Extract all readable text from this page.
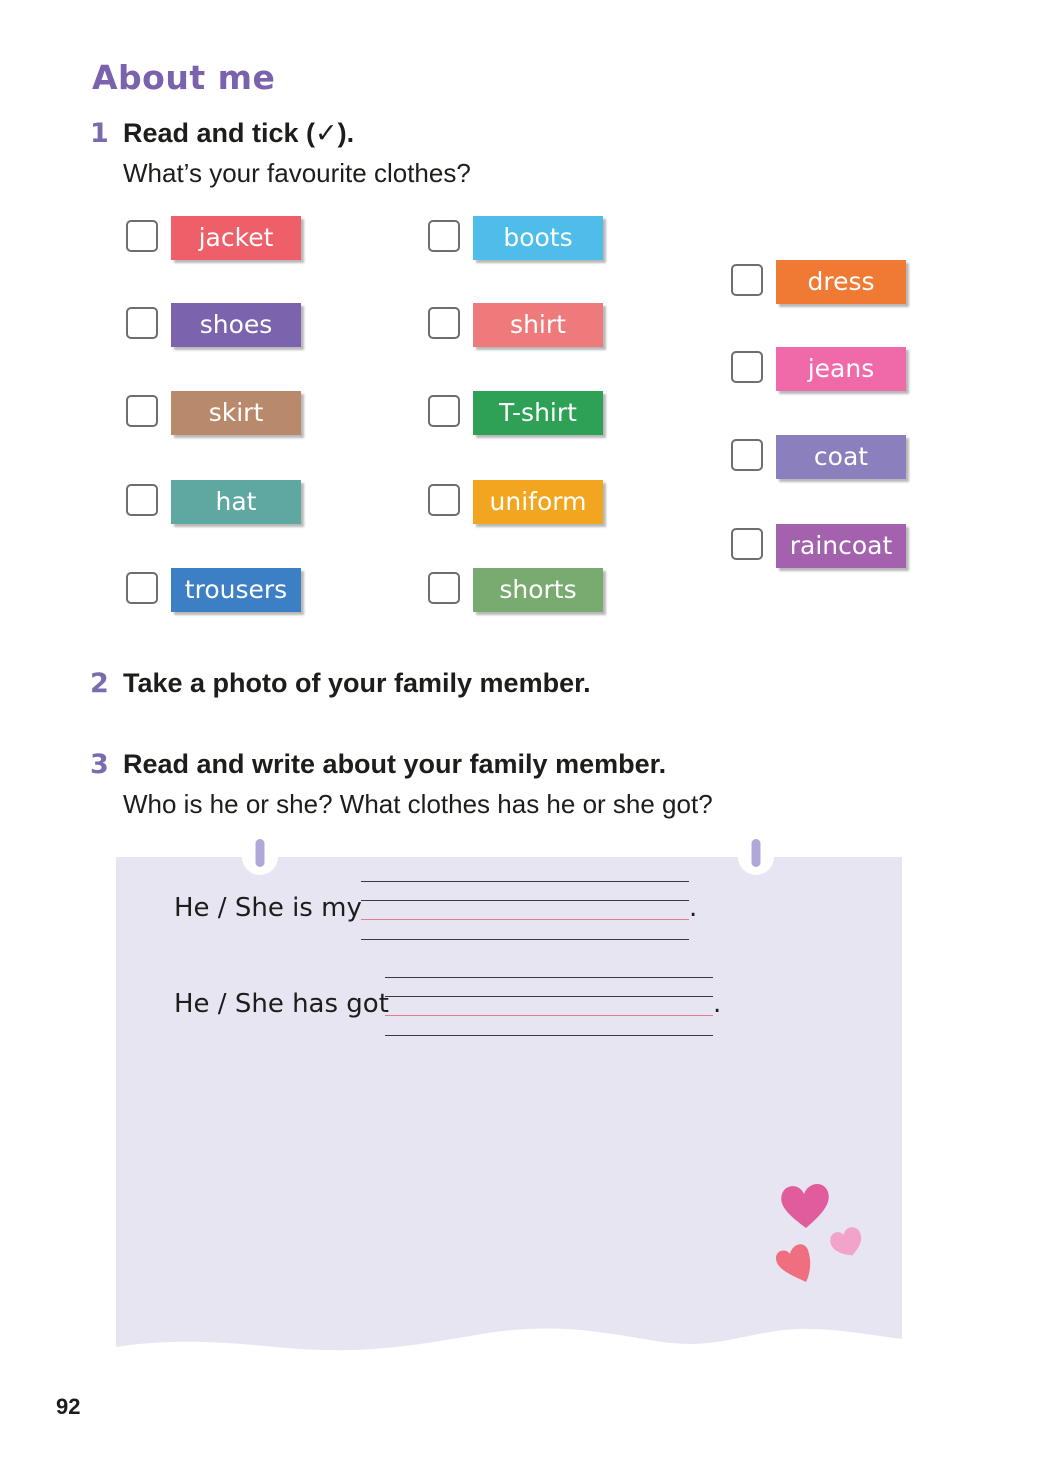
About me
1 Read and tick (✓).
What’s your favourite clothes?
jacket
shoes
skirt
hat
trousers
boots
shirt
T-shirt
uniform
shorts
dress
jeans
coat
raincoat
2 Take a photo of your family member.
3 Read and write about your family member.
Who is he or she? What clothes has he or she got?
He / She is my	.
He / She has got	.
92
